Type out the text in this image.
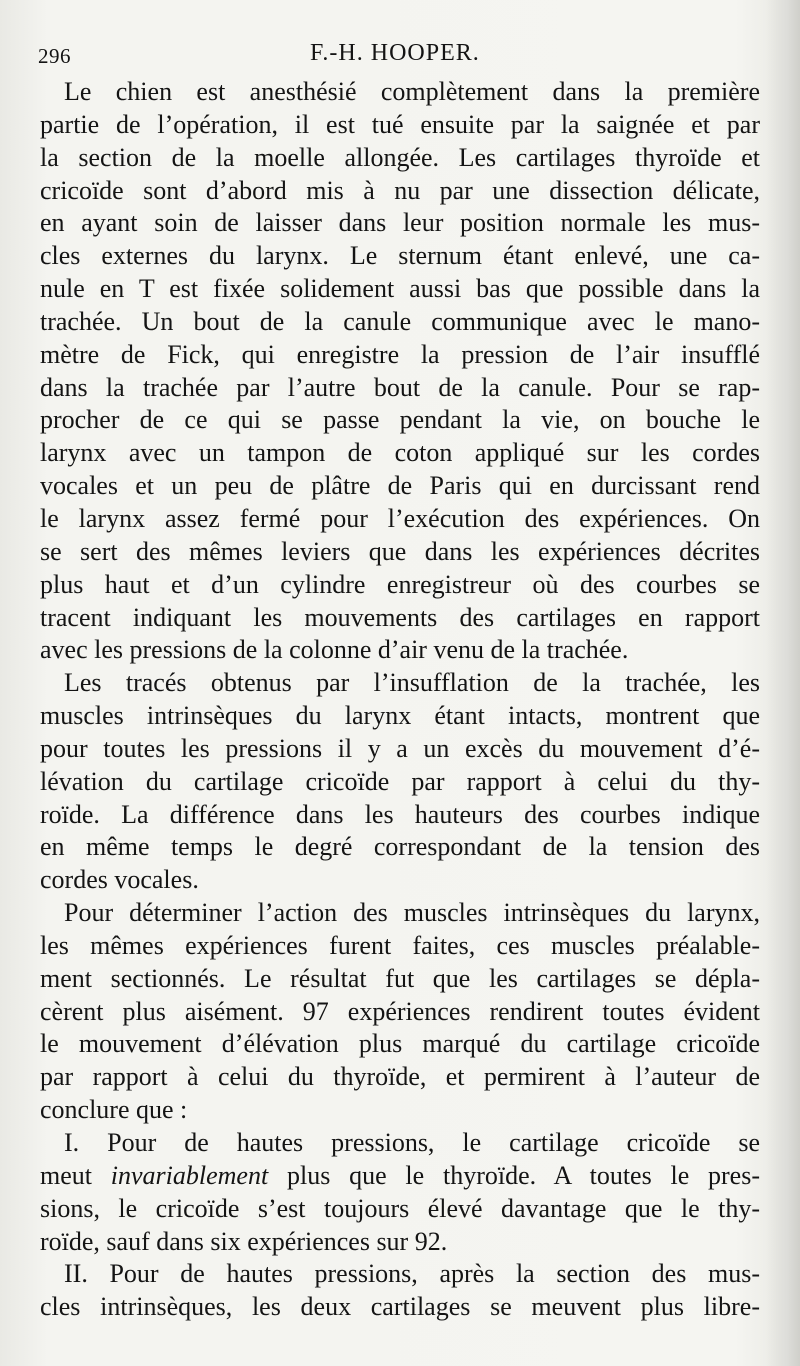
296	F.-H. HOOPER.
Le chien est anesthésié complètement dans la première
partie de l’opération, il est tué ensuite par la saignée et par
la section de la moelle allongée. Les cartilages thyroïde et
cricoïde sont d’abord mis à nu par une dissection délicate,
en ayant soin de laisser dans leur position normale les mus-
cles externes du larynx. Le sternum étant enlevé, une ca-
nule en T est fixée solidement aussi bas que possible dans la
trachée. Un bout de la canule communique avec le mano-
mètre de Fick, qui enregistre la pression de l’air insufflé
dans la trachée par l’autre bout de la canule. Pour se rap-
procher de ce qui se passe pendant la vie, on bouche le
larynx avec un tampon de coton appliqué sur les cordes
vocales et un peu de plâtre de Paris qui en durcissant rend
le larynx assez fermé pour l’exécution des expériences. On
se sert des mêmes leviers que dans les expériences décrites
plus haut et d’un cylindre enregistreur où des courbes se
tracent indiquant les mouvements des cartilages en rapport
avec les pressions de la colonne d’air venu de la trachée.
Les tracés obtenus par l’insufflation de la trachée, les
muscles intrinsèques du larynx étant intacts, montrent que
pour toutes les pressions il y a un excès du mouvement d’é-
lévation du cartilage cricoïde par rapport à celui du thy-
roïde. La différence dans les hauteurs des courbes indique
en même temps le degré correspondant de la tension des
cordes vocales.
Pour déterminer l’action des muscles intrinsèques du larynx,
les mêmes expériences furent faites, ces muscles préalable-
ment sectionnés. Le résultat fut que les cartilages se dépla-
cèrent plus aisément. 97 expériences rendirent toutes évident
le mouvement d’élévation plus marqué du cartilage cricoïde
par rapport à celui du thyroïde, et permirent à l’auteur de
conclure que :
I. Pour de hautes pressions, le cartilage cricoïde se
meut invariablement plus que le thyroïde. A toutes le pres-
sions, le cricoïde s’est toujours élevé davantage que le thy-
roïde, sauf dans six expériences sur 92.
II. Pour de hautes pressions, après la section des mus-
cles intrinsèques, les deux cartilages se meuvent plus libre-
